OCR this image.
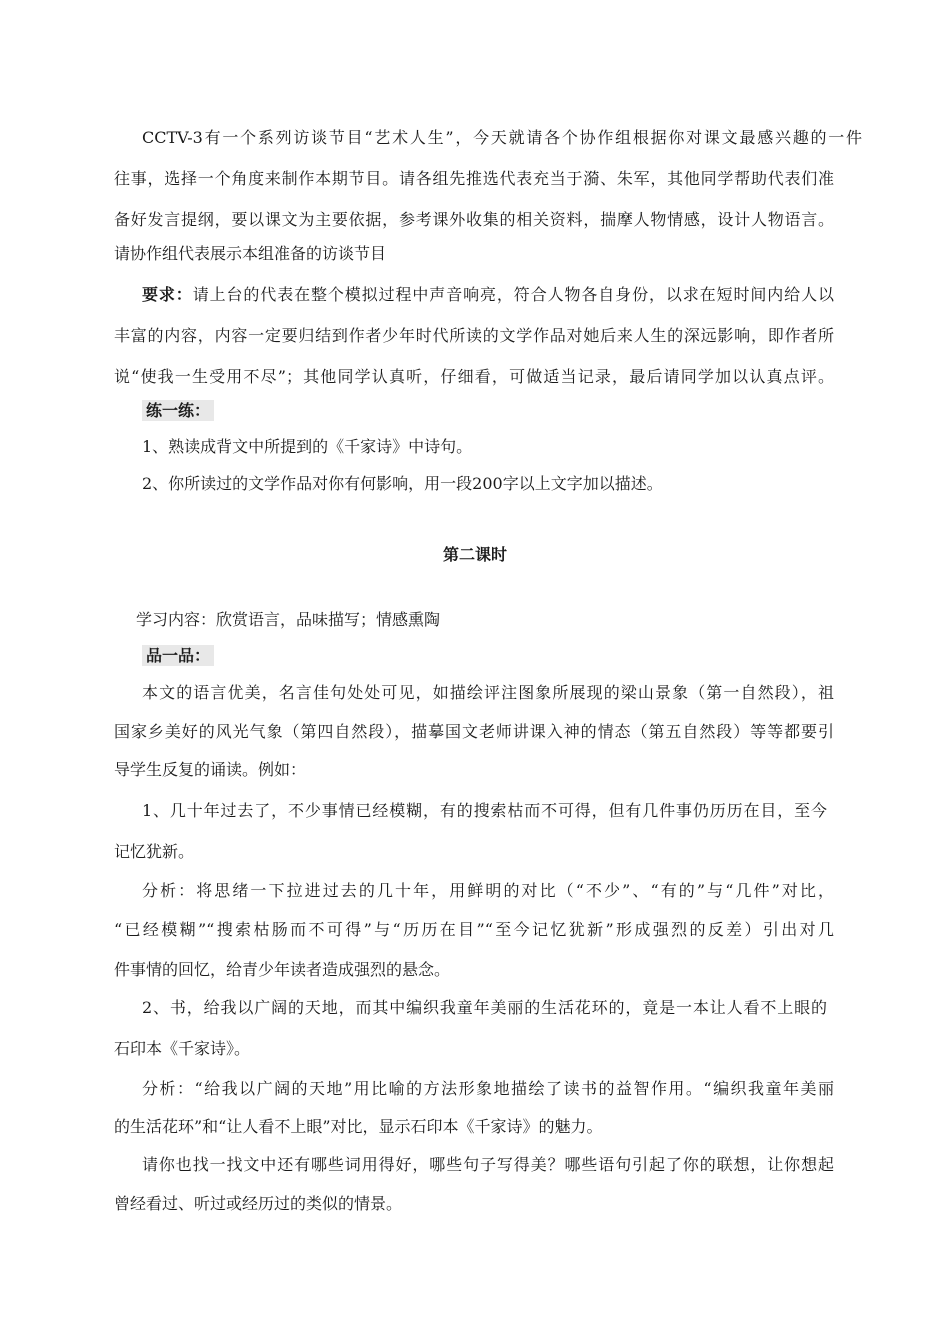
CCTV-3有一个系列访谈节目“艺术人生”，今天就请各个协作组根据你对课文最感兴趣的一件
往事，选择一个角度来制作本期节目。请各组先推选代表充当于漪、朱军，其他同学帮助代表们准
备好发言提纲，要以课文为主要依据，参考课外收集的相关资料，揣摩人物情感，设计人物语言。
请协作组代表展示本组准备的访谈节目
要求：请上台的代表在整个模拟过程中声音响亮，符合人物各自身份，以求在短时间内给人以
丰富的内容，内容一定要归结到作者少年时代所读的文学作品对她后来人生的深远影响，即作者所
说“使我一生受用不尽”；其他同学认真听，仔细看，可做适当记录，最后请同学加以认真点评。
练一练：
1、熟读成背文中所提到的《千家诗》中诗句。
2、你所读过的文学作品对你有何影响，用一段200字以上文字加以描述。
第二课时
学习内容：欣赏语言，品味描写；情感熏陶
品一品：
本文的语言优美，名言佳句处处可见，如描绘评注图象所展现的梁山景象（第一自然段），祖
国家乡美好的风光气象（第四自然段），描摹国文老师讲课入神的情态（第五自然段）等等都要引
导学生反复的诵读。例如：
1、几十年过去了，不少事情已经模糊，有的搜索枯而不可得，但有几件事仍历历在目，至今
记忆犹新。
分析：将思绪一下拉进过去的几十年，用鲜明的对比（“不少”、“有的”与“几件”对比，
“已经模糊”“搜索枯肠而不可得”与“历历在目”“至今记忆犹新”形成强烈的反差）引出对几
件事情的回忆，给青少年读者造成强烈的悬念。
2、书，给我以广阔的天地，而其中编织我童年美丽的生活花环的，竟是一本让人看不上眼的
石印本《千家诗》。
分析：“给我以广阔的天地”用比喻的方法形象地描绘了读书的益智作用。“编织我童年美丽
的生活花环”和“让人看不上眼”对比，显示石印本《千家诗》的魅力。
请你也找一找文中还有哪些词用得好，哪些句子写得美？哪些语句引起了你的联想，让你想起
曾经看过、听过或经历过的类似的情景。
